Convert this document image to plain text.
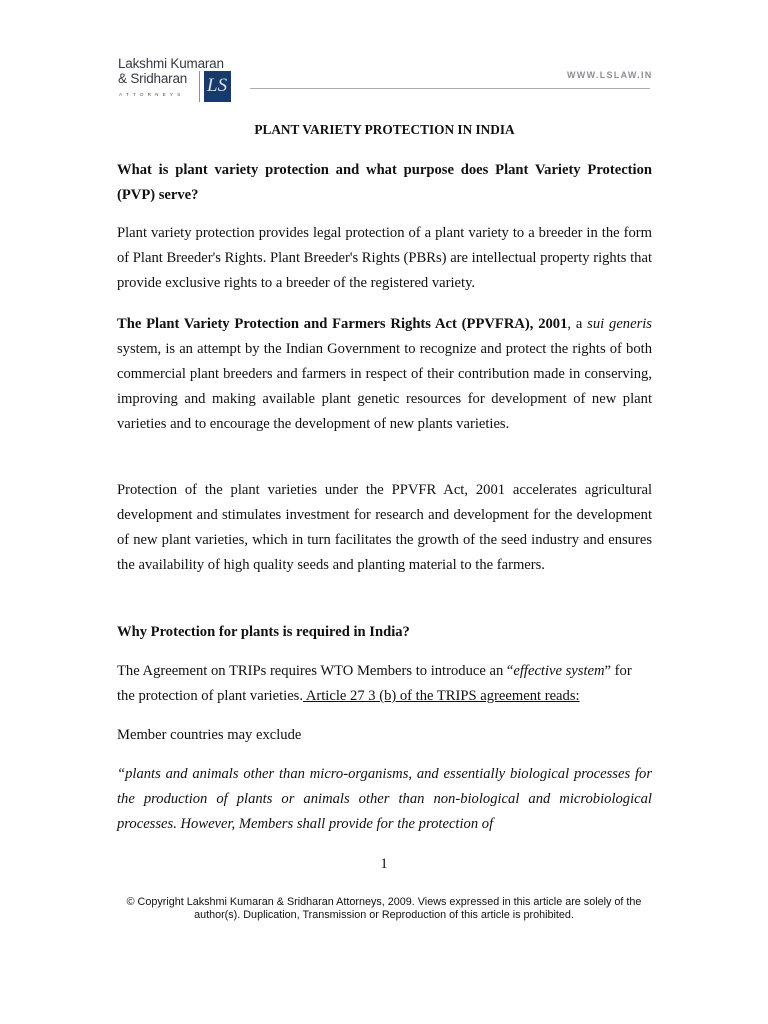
Lakshmi Kumaran
& Sridharan LS
ATTORNEYS
WWW.LSLAW.IN
PLANT VARIETY PROTECTION IN INDIA
What is plant variety protection and what purpose does Plant Variety Protection (PVP) serve?
Plant variety protection provides legal protection of a plant variety to a breeder in the form of Plant Breeder's Rights. Plant Breeder's Rights (PBRs) are intellectual property rights that provide exclusive rights to a breeder of the registered variety.
The Plant Variety Protection and Farmers Rights Act (PPVFRA), 2001, a sui generis system, is an attempt by the Indian Government to recognize and protect the rights of both commercial plant breeders and farmers in respect of their contribution made in conserving, improving and making available plant genetic resources for development of new plant varieties and to encourage the development of new plants varieties.
Protection of the plant varieties under the PPVFR Act, 2001 accelerates agricultural development and stimulates investment for research and development for the development of new plant varieties, which in turn facilitates the growth of the seed industry and ensures the availability of high quality seeds and planting material to the farmers.
Why Protection for plants is required in India?
The Agreement on TRIPs requires WTO Members to introduce an “effective system” for the protection of plant varieties. Article 27 3 (b) of the TRIPS agreement reads:
Member countries may exclude
“plants and animals other than micro-organisms, and essentially biological processes for the production of plants or animals other than non-biological and microbiological processes. However, Members shall provide for the protection of
1
© Copyright Lakshmi Kumaran & Sridharan Attorneys, 2009. Views expressed in this article are solely of the author(s). Duplication, Transmission or Reproduction of this article is prohibited.
